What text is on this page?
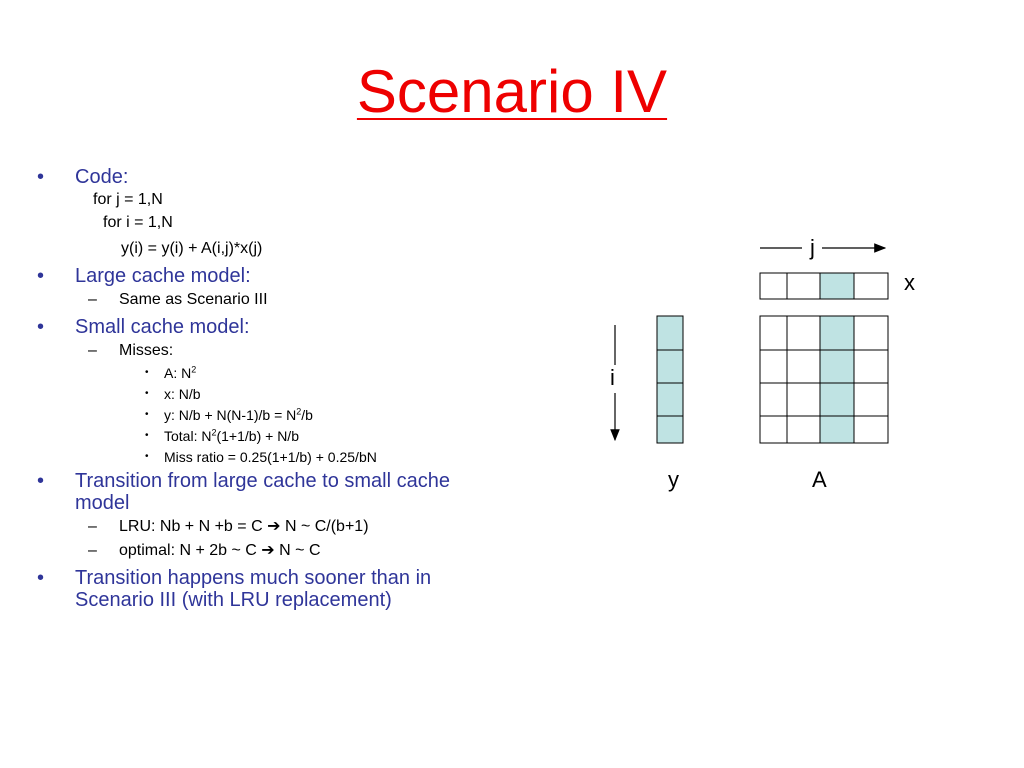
Scenario IV
• Code:
for j = 1,N
for i = 1,N
y(i) = y(i) + A(i,j)*x(j)
• Large cache model:
– Same as Scenario III
• Small cache model:
– Misses:
• A: $N^2$
• x: N/b
• y: $N/b + N(N-1)/b = N^2/b$
• Total: $N^2(1+1/b) + N/b$
• Miss ratio = 0.25(1+1/b) + 0.25/bN
• Transition from large cache to small cache
model
– LRU: Nb + N +b = C ➔ N ~ C/(b+1)
– optimal: N + 2b ~ C ➔ N ~ C
• Transition happens much sooner than in
Scenario III (with LRU replacement)
j
x
i
y	A
